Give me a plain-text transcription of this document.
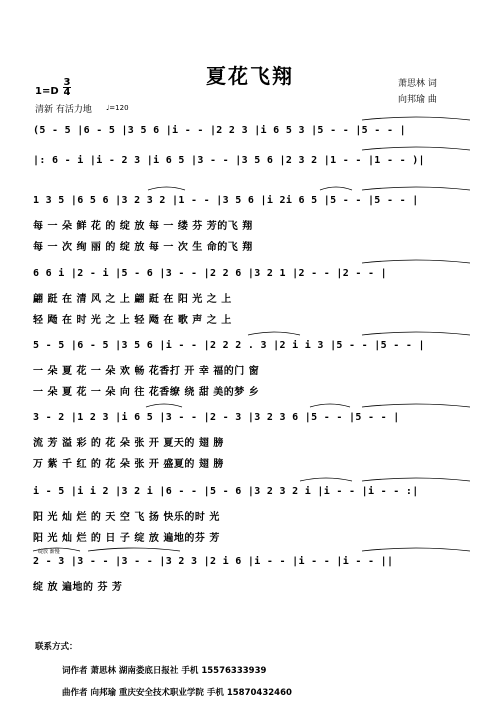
夏花飞翔	萧思林 词
向邦瑜 曲
1=D
3
4
清新 有活力地 ♩=120
(5 - 5 |6 - 5 |3 5 6 |i - - |2 2 3 |i 6 5 3 |5 - - |5 - - |
|: 6 - i |i - 2 3 |i 6 5 |3 - - |3 5 6 |2 3 2 |1 - - |1 - - )|
1 3 5 |6 5 6 |3 2 3 2 |1 - - |3 5 6 |i 2i 6 5 |5 - - |5 - - |
每 一 朵 鲜 花 的 绽 放 每 一 缕 芬 芳的飞 翔
每 一 次 绚 丽 的 绽 放 每 一 次 生 命的飞 翔
6 6 i |2 - i |5 - 6 |3 - - |2 2 6 |3 2 1 |2 - - |2 - - |
翩 跹 在 清 风 之 上 翩 跹 在 阳 光 之 上
轻 飏 在 时 光 之 上 轻 飏 在 歌 声 之 上
5 - 5 |6 - 5 |3 5 6 |i - - |2 2 2 . 3 |2 i i 3 |5 - - |5 - - |
一 朵 夏 花 一 朵 欢 畅 花香打 开 幸 福的门 窗
一 朵 夏 花 一 朵 向 往 花香缭 绕 甜 美的梦 乡
3 - 2 |1 2 3 |i 6 5 |3 - - |2 - 3 |3 2 3 6 |5 - - |5 - - |
流 芳 溢 彩 的 花 朵 张 开 夏天的 翅 膀
万 紫 千 红 的 花 朵 张 开 盛夏的 翅 膀
i - 5 |i i 2 |3 2 i |6 - - |5 - 6 |3 2 3 2 i |i - - |i - - :|
阳 光 灿 烂 的 天 空 飞 扬 快乐的时 光
阳 光 灿 烂 的 日 子 绽 放 遍地的芬 芳
2 - 3 |3 - - |3 - - |3 2 3 |2 i 6 |i - - |i - - |i - - ||
绽 放 遍地的 芬 芳
绽放 渐慢
联系方式：
词作者 萧思林 湖南娄底日报社 手机 15576333939
曲作者 向邦瑜 重庆安全技术职业学院 手机 15870432460
